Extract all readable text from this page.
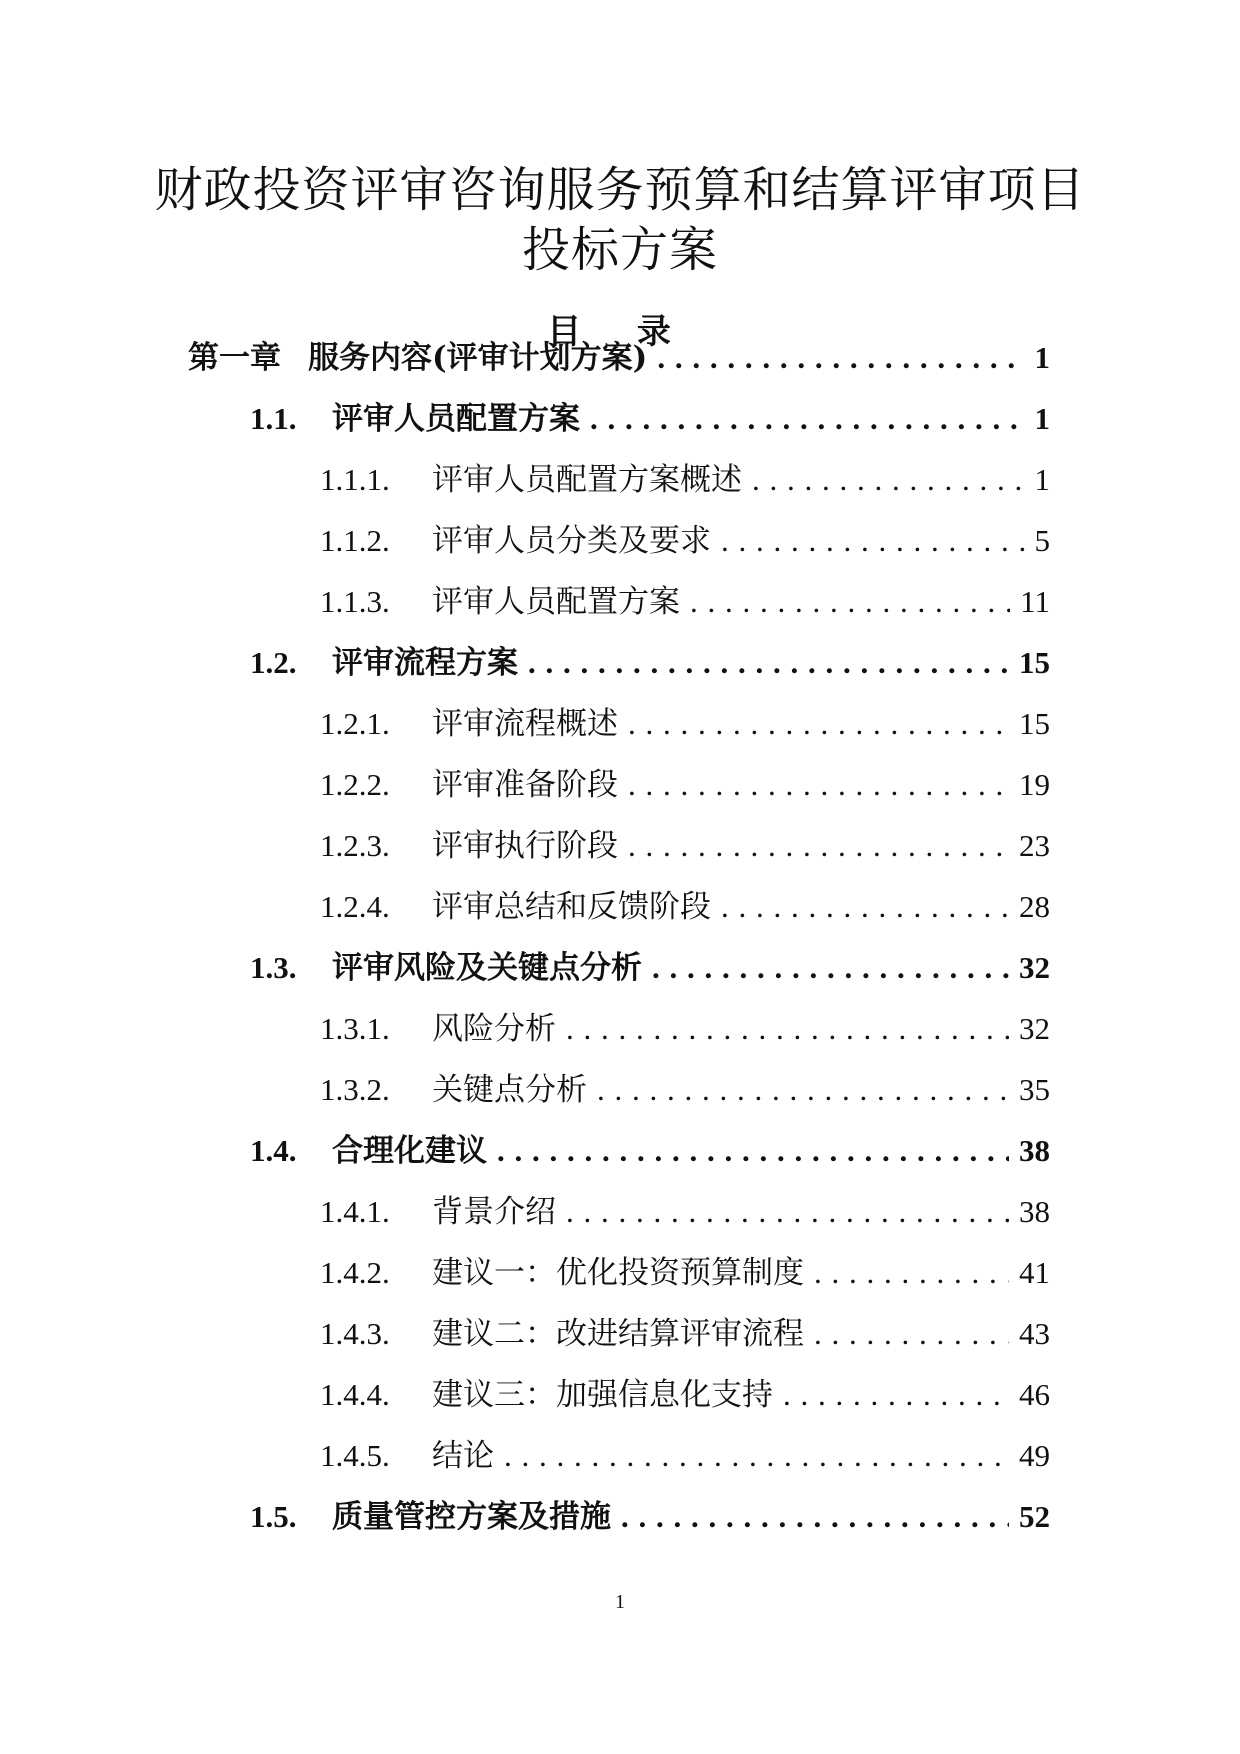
财政投资评审咨询服务预算和结算评审项目
投标方案
目 录
第一章 服务内容(评审计划方案) . . .	1
1.1.	评审人员配置方案 . . .	1
1.1.1.	评审人员配置方案概述 . . .	1
1.1.2.	评审人员分类及要求 . . .	5
1.1.3.	评审人员配置方案 . . .	11
1.2.	评审流程方案 . . .	15
1.2.1.	评审流程概述 . . .	15
1.2.2.	评审准备阶段 . . .	19
1.2.3.	评审执行阶段 . . .	23
1.2.4.	评审总结和反馈阶段 . . .	28
1.3.	评审风险及关键点分析 . . .	32
1.3.1.	风险分析 . . .	32
1.3.2.	关键点分析 . . .	35
1.4.	合理化建议 . . .	38
1.4.1.	背景介绍 . . .	38
1.4.2.	建议一：优化投资预算制度 . . .	41
1.4.3.	建议二：改进结算评审流程 . . .	43
1.4.4.	建议三：加强信息化支持 . . .	46
1.4.5.	结论 . . .	49
1.5.	质量管控方案及措施 . . .	52
1
